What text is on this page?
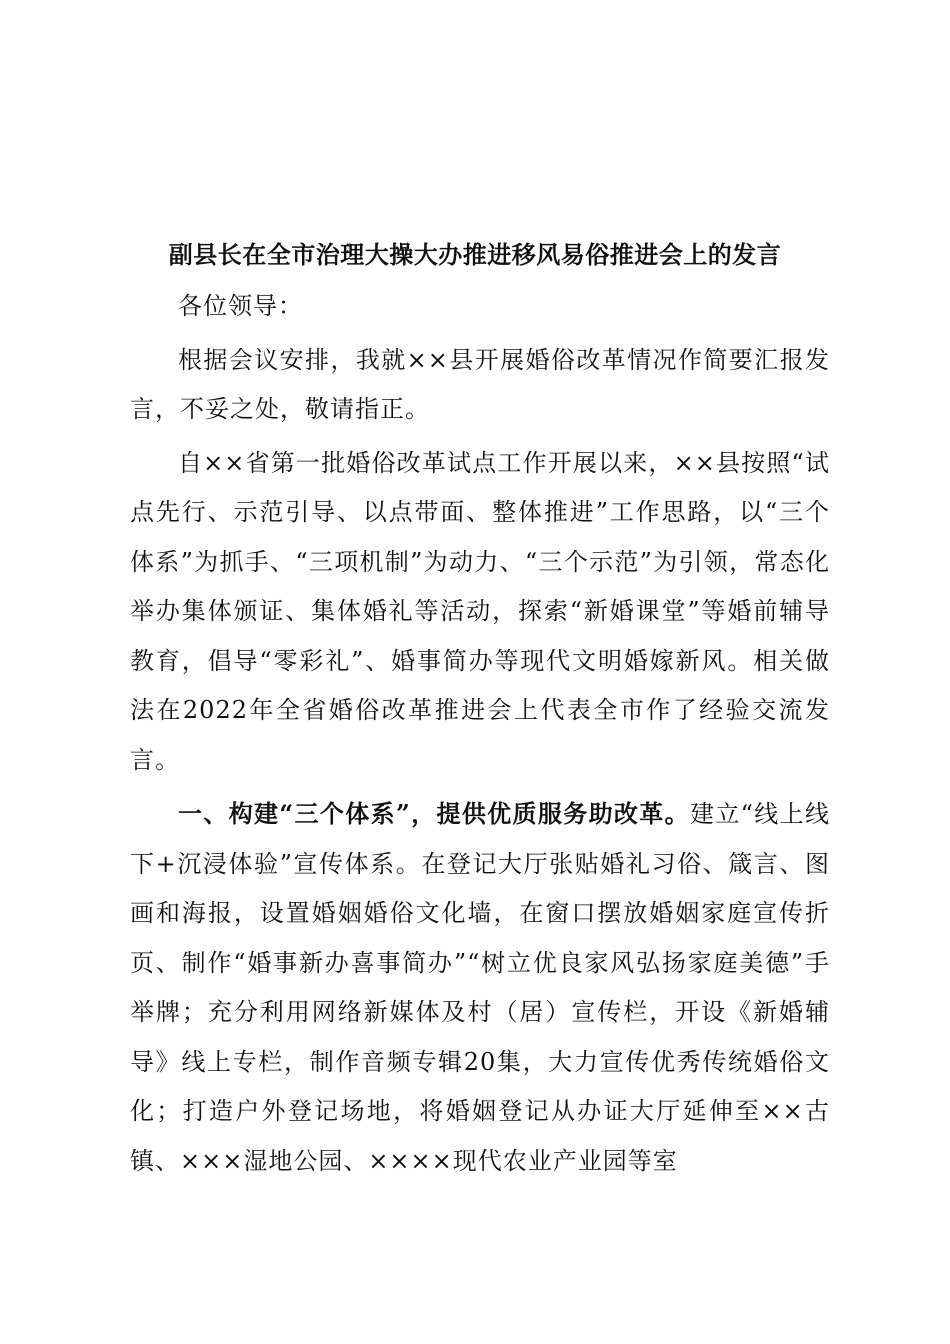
副县长在全市治理大操大办推进移风易俗推进会上的发言

各位领导：

根据会议安排，我就××县开展婚俗改革情况作简要汇报发言，不妥之处，敬请指正。

自××省第一批婚俗改革试点工作开展以来，××县按照“试点先行、示范引导、以点带面、整体推进”工作思路，以“三个体系”为抓手、“三项机制”为动力、“三个示范”为引领，常态化举办集体颁证、集体婚礼等活动，探索“新婚课堂”等婚前辅导教育，倡导“零彩礼”、婚事简办等现代文明婚嫁新风。相关做法在2022年全省婚俗改革推进会上代表全市作了经验交流发言。

一、构建“三个体系”，提供优质服务助改革。建立“线上线下+沉浸体验”宣传体系。在登记大厅张贴婚礼习俗、箴言、图画和海报，设置婚姻婚俗文化墙，在窗口摆放婚姻家庭宣传折页、制作“婚事新办喜事简办”“树立优良家风弘扬家庭美德”手举牌；充分利用网络新媒体及村（居）宣传栏，开设《新婚辅导》线上专栏，制作音频专辑20集，大力宣传优秀传统婚俗文化；打造户外登记场地，将婚姻登记从办证大厅延伸至××古镇、×××湿地公园、××××现代农业产业园等室
